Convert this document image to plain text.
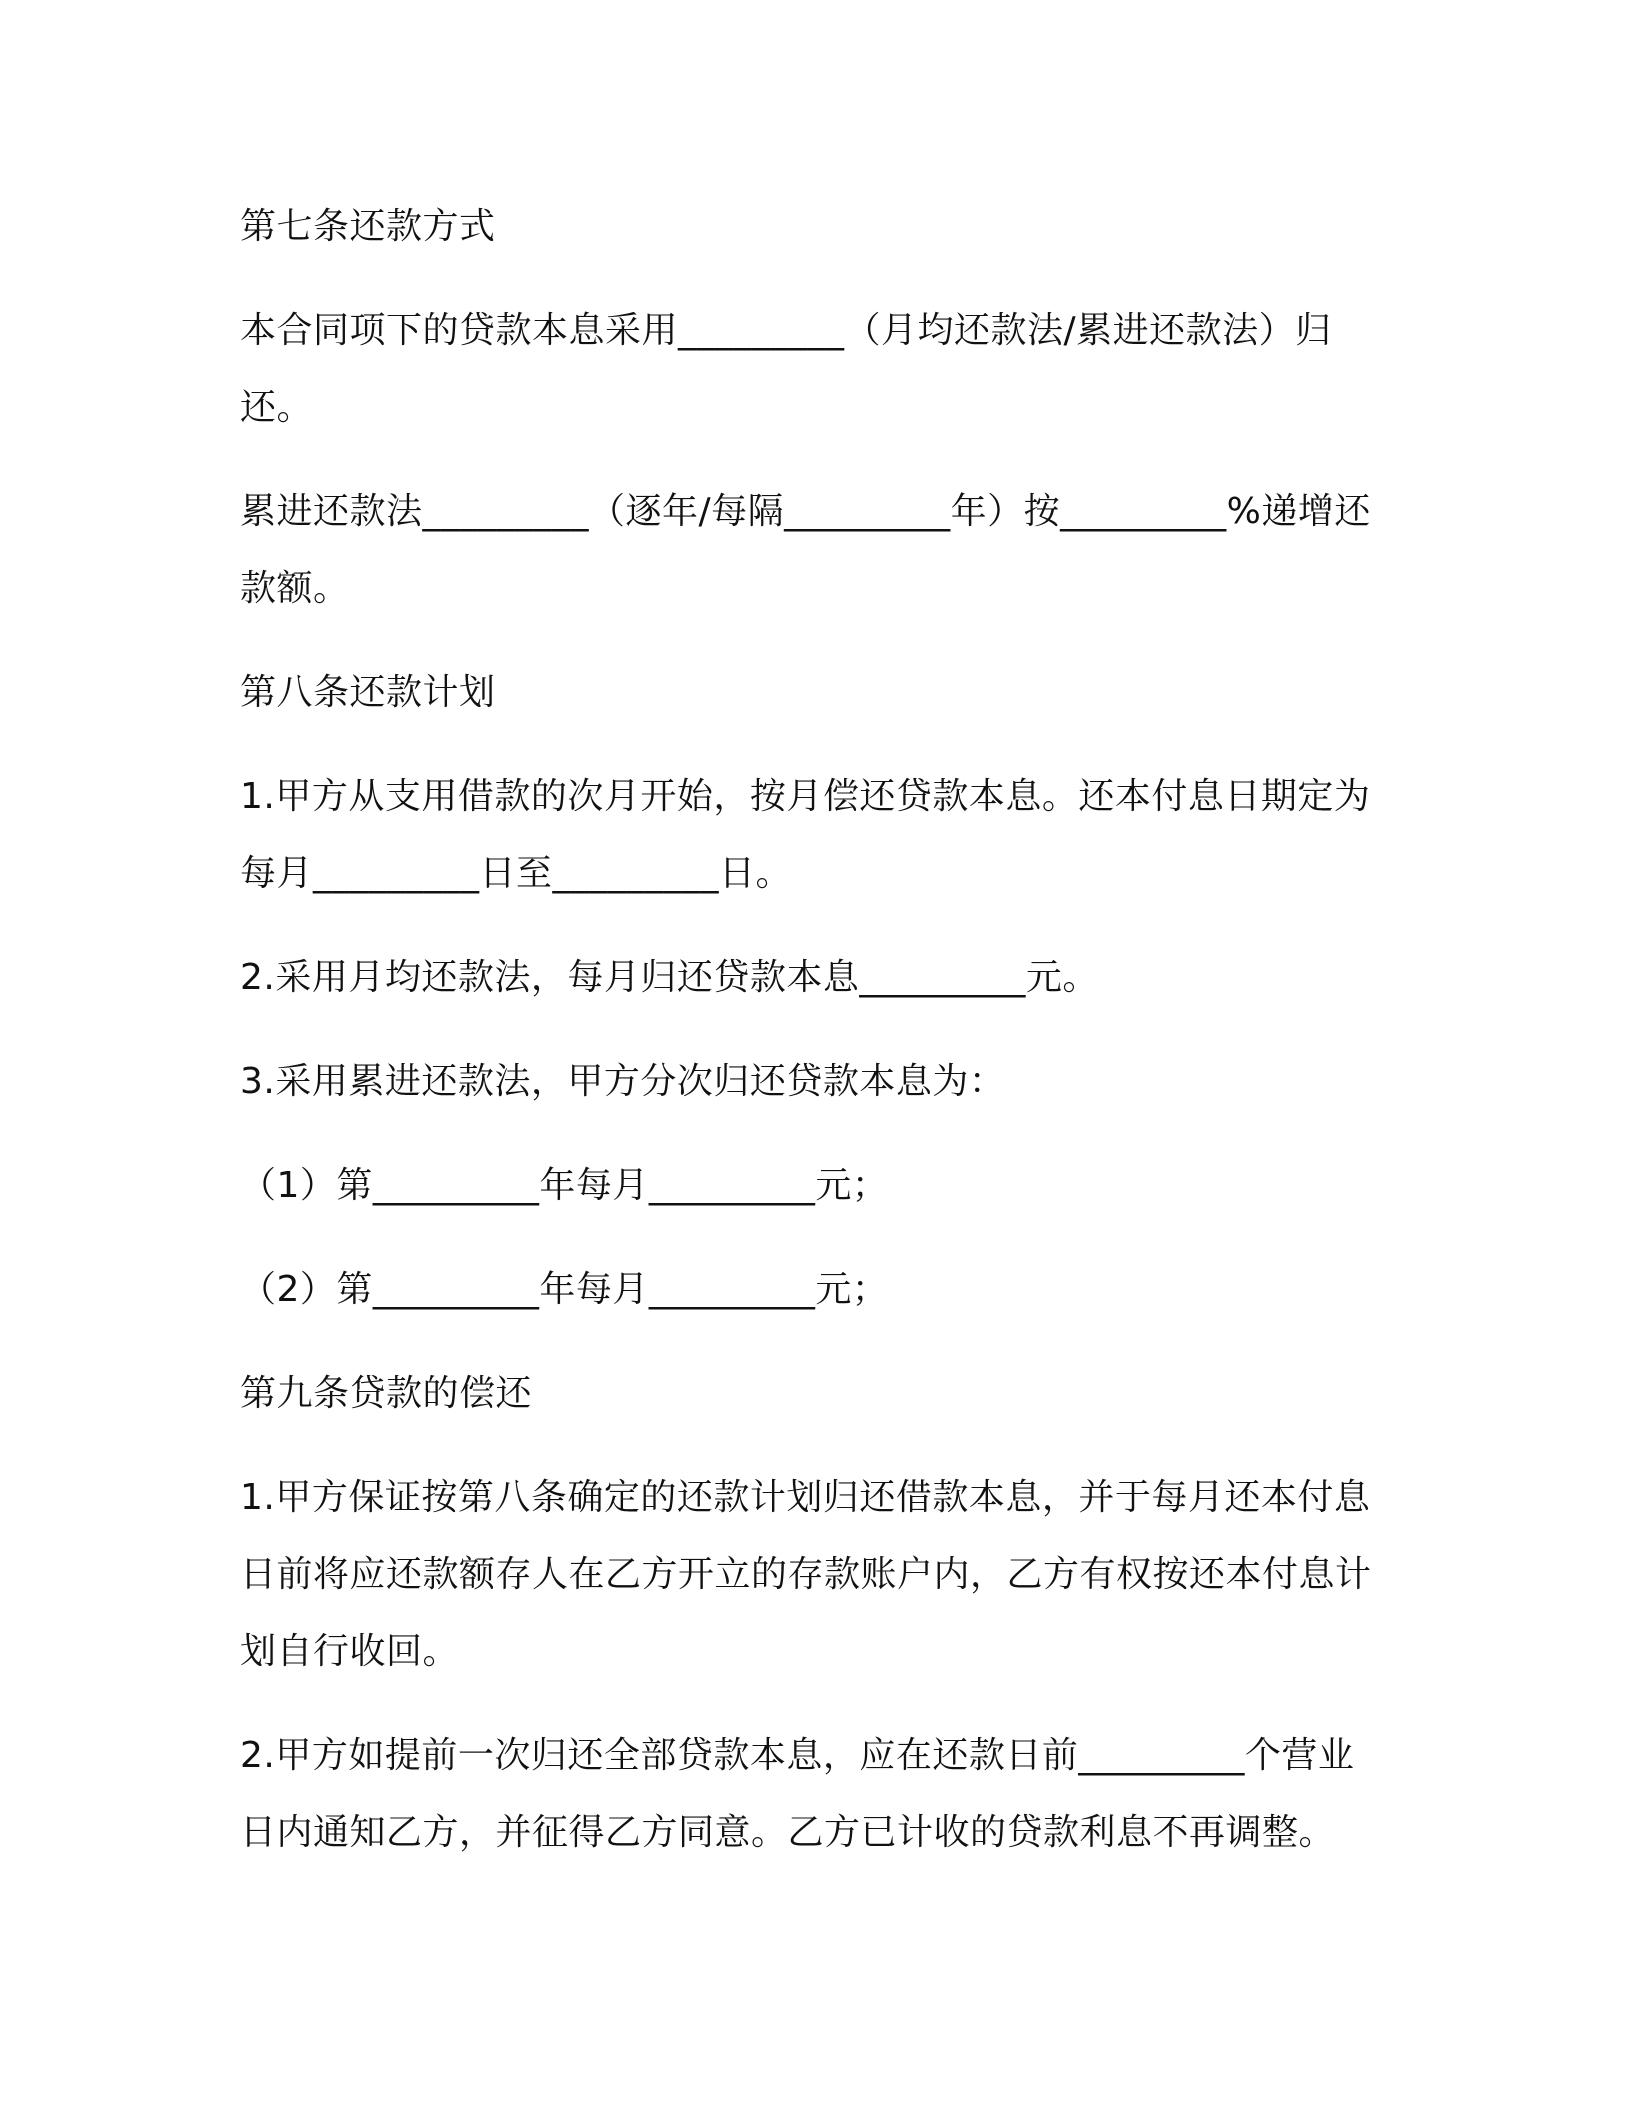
第七条还款方式

本合同项下的贷款本息采用_________（月均还款法/累进还款法）归还。

累进还款法_________（逐年/每隔_________年）按_________%递增还款额。

第八条还款计划

1.甲方从支用借款的次月开始，按月偿还贷款本息。还本付息日期定为每月_________日至_________日。

2.采用月均还款法，每月归还贷款本息_________元。

3.采用累进还款法，甲方分次归还贷款本息为：

（1）第_________年每月_________元；

（2）第_________年每月_________元；

第九条贷款的偿还

1.甲方保证按第八条确定的还款计划归还借款本息，并于每月还本付息日前将应还款额存人在乙方开立的存款账户内，乙方有权按还本付息计划自行收回。

2.甲方如提前一次归还全部贷款本息，应在还款日前_________个营业日内通知乙方，并征得乙方同意。乙方已计收的贷款利息不再调整。
